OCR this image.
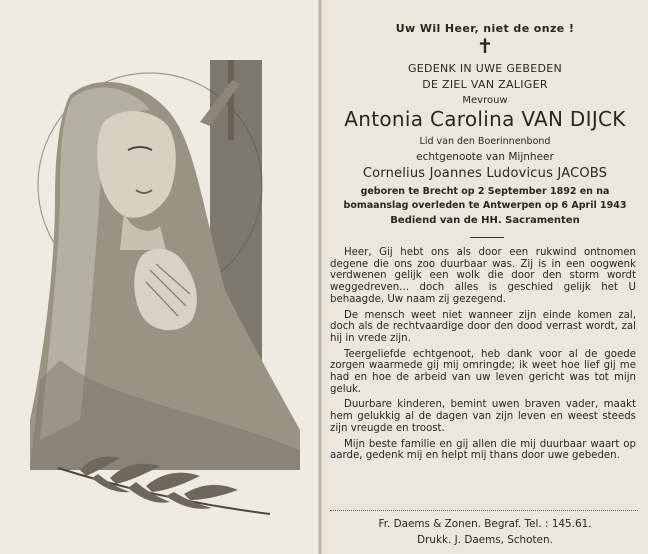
Uw Wil Heer, niet de onze !
✝
GEDENK IN UWE GEBEDEN
DE ZIEL VAN ZALIGER
Mevrouw
Antonia Carolina VAN DIJCK
Lid van den Boerinnenbond
echtgenoote van Mijnheer
Cornelius Joannes Ludovicus JACOBS
geboren te Brecht op 2 September 1892 en na
bomaanslag overleden te Antwerpen op 6 April 1943
Bediend van de HH. Sacramenten

Heer, Gij hebt ons als door een rukwind ontnomen degene die ons zoo duurbaar was. Zij is in een oogwenk verdwenen gelijk een wolk die door den storm wordt weggedreven... doch alles is geschied gelijk het U behaagde, Uw naam zij gezegend.

De mensch weet niet wanneer zijn einde komen zal, doch als de rechtvaardige door den dood verrast wordt, zal hij in vrede zijn.

Teergeliefde echtgenoot, heb dank voor al de goede zorgen waarmede gij mij omringde; ik weet hoe lief gij me had en hoe de arbeid van uw leven gericht was tot mijn geluk.

Duurbare kinderen, bemint uwen braven vader, maakt hem gelukkig al de dagen van zijn leven en weest steeds zijn vreugde en troost.

Mijn beste familie en gij allen die mij duurbaar waart op aarde, gedenk mij en helpt mij thans door uwe gebeden.

Fr. Daems & Zonen. Begraf. Tel. : 145.61.
Drukk. J. Daems, Schoten.
